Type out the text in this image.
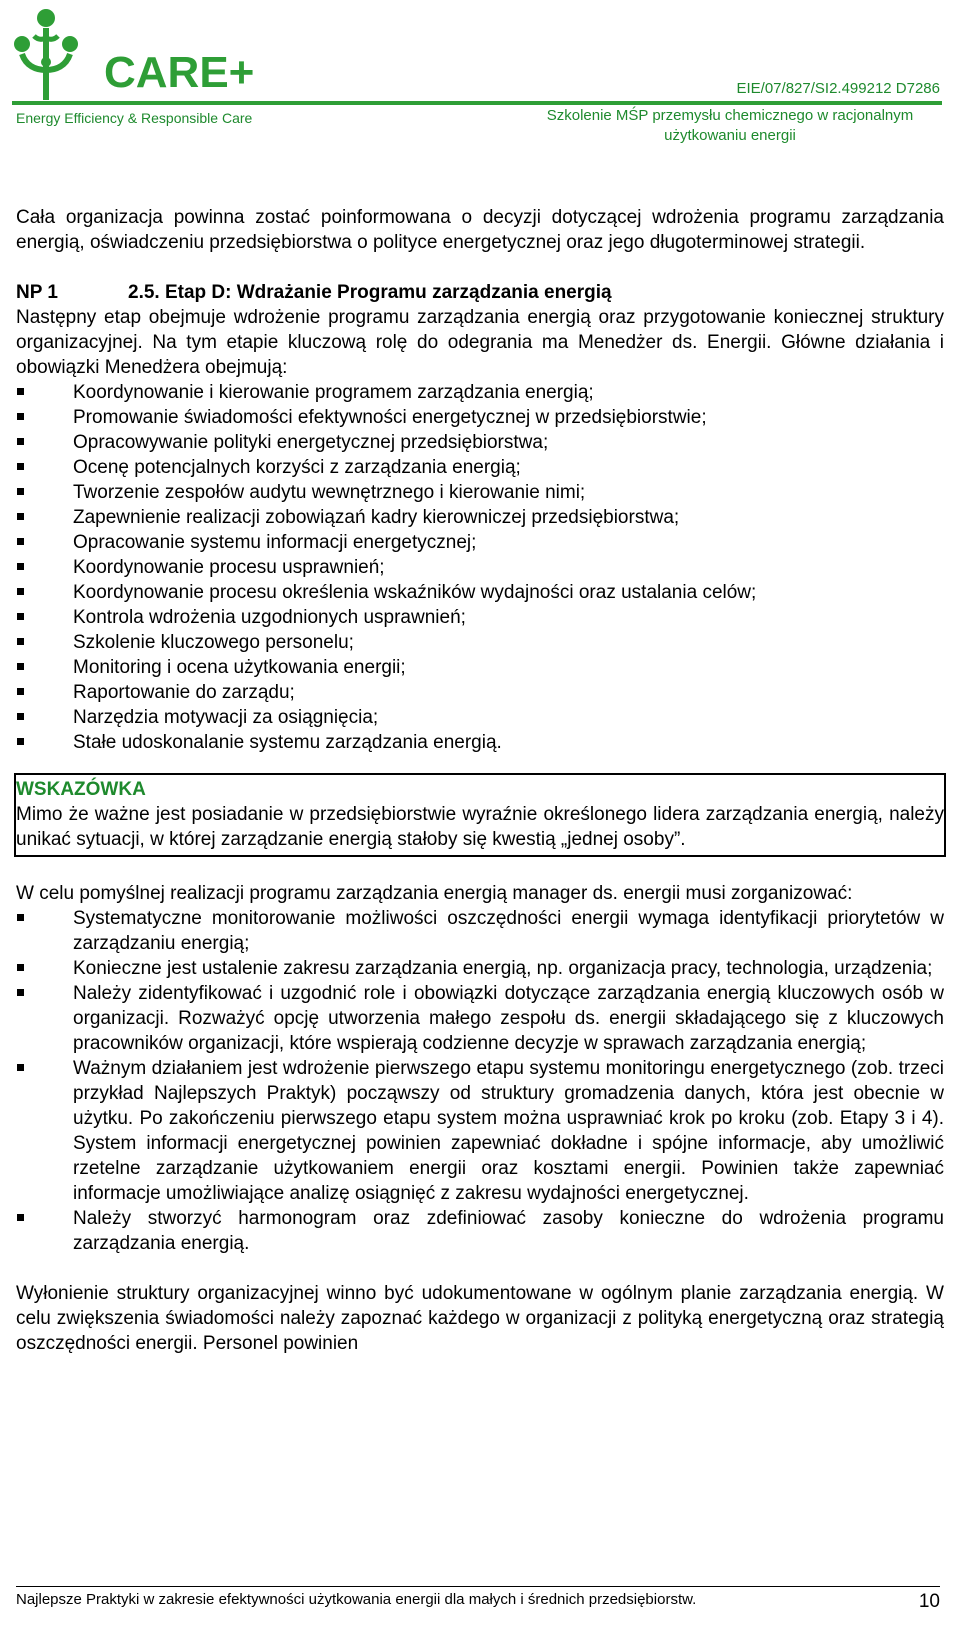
CARE+
Energy Efficiency & Responsible Care
EIE/07/827/SI2.499212 D7286
Szkolenie MŚP przemysłu chemicznego w racjonalnym użytkowaniu energii

Cała organizacja powinna zostać poinformowana o decyzji dotyczącej wdrożenia programu zarządzania energią, oświadczeniu przedsiębiorstwa o polityce energetycznej oraz jego długoterminowej strategii.

NP 1	2.5. Etap D: Wdrażanie Programu zarządzania energią

Następny etap obejmuje wdrożenie programu zarządzania energią oraz przygotowanie koniecznej struktury organizacyjnej. Na tym etapie kluczową rolę do odegrania ma Menedżer ds. Energii. Główne działania i obowiązki Menedżera obejmują:

Koordynowanie i kierowanie programem zarządzania energią;
Promowanie świadomości efektywności energetycznej w przedsiębiorstwie;
Opracowywanie polityki energetycznej przedsiębiorstwa;
Ocenę potencjalnych korzyści z zarządzania energią;
Tworzenie zespołów audytu wewnętrznego i kierowanie nimi;
Zapewnienie realizacji zobowiązań kadry kierowniczej przedsiębiorstwa;
Opracowanie systemu informacji energetycznej;
Koordynowanie procesu usprawnień;
Koordynowanie procesu określenia wskaźników wydajności oraz ustalania celów;
Kontrola wdrożenia uzgodnionych usprawnień;
Szkolenie kluczowego personelu;
Monitoring i ocena użytkowania energii;
Raportowanie do zarządu;
Narzędzia motywacji za osiągnięcia;
Stałe udoskonalanie systemu zarządzania energią.
WSKAZÓWKA

Mimo że ważne jest posiadanie w przedsiębiorstwie wyraźnie określonego lidera zarządzania energią, należy unikać sytuacji, w której zarządzanie energią stałoby się kwestią „jednej osoby”.

W celu pomyślnej realizacji programu zarządzania energią manager ds. energii musi zorganizować:

Systematyczne monitorowanie możliwości oszczędności energii wymaga identyfikacji priorytetów w zarządzaniu energią;
Konieczne jest ustalenie zakresu zarządzania energią, np. organizacja pracy, technologia, urządzenia;
Należy zidentyfikować i uzgodnić role i obowiązki dotyczące zarządzania energią kluczowych osób w organizacji. Rozważyć opcję utworzenia małego zespołu ds. energii składającego się z kluczowych pracowników organizacji, które wspierają codzienne decyzje w sprawach zarządzania energią;
Ważnym działaniem jest wdrożenie pierwszego etapu systemu monitoringu energetycznego (zob. trzeci przykład Najlepszych Praktyk) począwszy od struktury gromadzenia danych, która jest obecnie w użytku. Po zakończeniu pierwszego etapu system można usprawniać krok po kroku (zob. Etapy 3 i 4). System informacji energetycznej powinien zapewniać dokładne i spójne informacje, aby umożliwić rzetelne zarządzanie użytkowaniem energii oraz kosztami energii. Powinien także zapewniać informacje umożliwiające analizę osiągnięć z zakresu wydajności energetycznej.
Należy stworzyć harmonogram oraz zdefiniować zasoby konieczne do wdrożenia programu zarządzania energią.

Wyłonienie struktury organizacyjnej winno być udokumentowane w ogólnym planie zarządzania energią. W celu zwiększenia świadomości należy zapoznać każdego w organizacji z polityką energetyczną oraz strategią oszczędności energii. Personel powinien

Najlepsze Praktyki w zakresie efektywności użytkowania energii dla małych i średnich przedsiębiorstw.	10
